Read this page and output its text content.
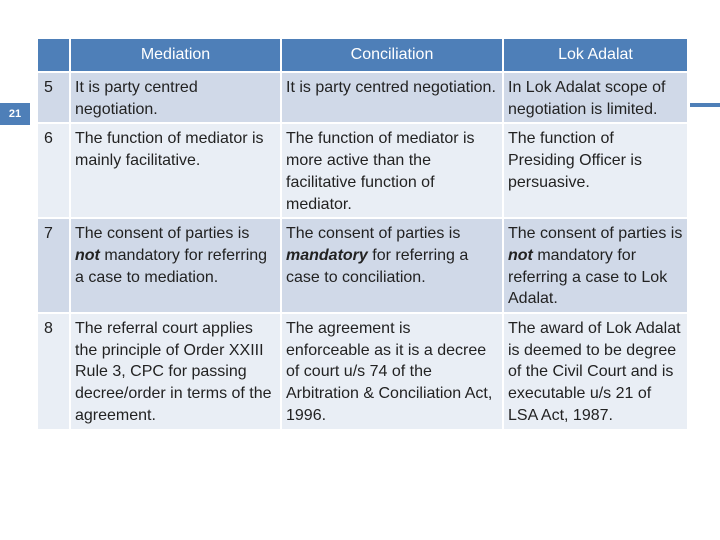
21
	Mediation	Conciliation	Lok Adalat
5	It is party centred negotiation.	It is party centred negotiation.	In Lok Adalat scope of negotiation is limited.
6	The function of mediator is mainly facilitative.	The function of mediator is more active than the facilitative function of mediator.	The function of Presiding Officer is persuasive.
7	The consent of parties is not mandatory for referring a case to mediation.	The consent of parties is mandatory for referring a case to conciliation.	The consent of parties is not mandatory for referring a case to Lok Adalat.
8	The referral court applies the principle of Order XXIII Rule 3, CPC for passing decree/order in terms of the agreement.	The agreement is enforceable as it is a decree of court u/s 74 of the Arbitration & Conciliation Act, 1996.	The award of Lok Adalat is deemed to be degree of the Civil Court and is executable u/s 21 of LSA Act, 1987.
